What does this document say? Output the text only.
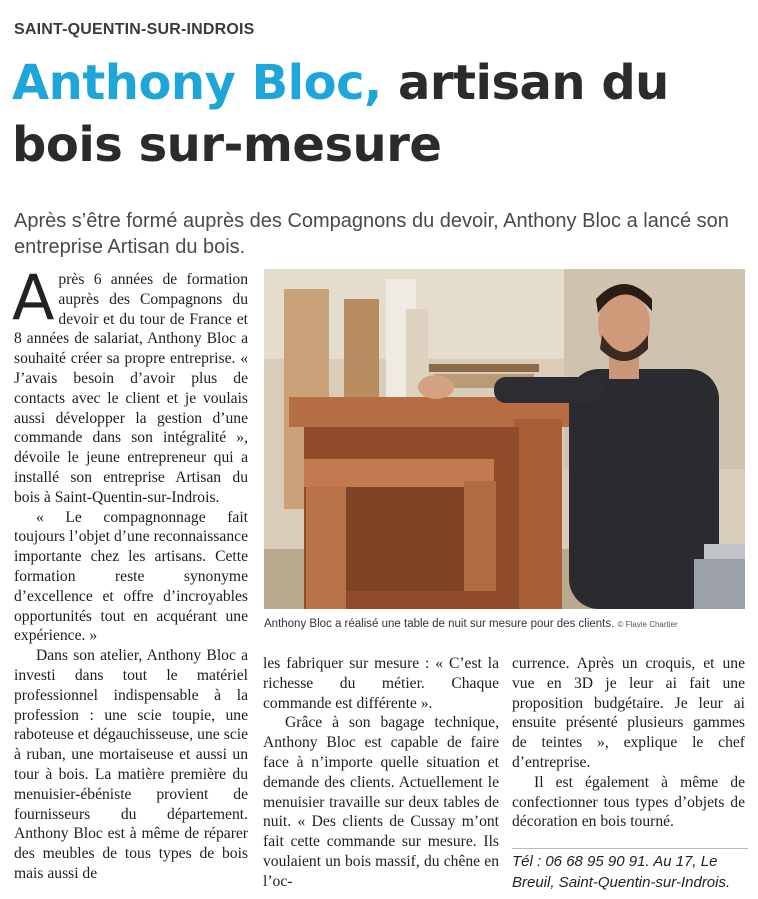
SAINT-QUENTIN-SUR-INDROIS
Anthony Bloc, artisan du bois sur-mesure
Après s’être formé auprès des Compagnons du devoir, Anthony Bloc a lancé son entreprise Artisan du bois.

Après 6 années de formation auprès des Compagnons du devoir et du tour de France et 8 années de salariat, Anthony Bloc a souhaité créer sa propre entreprise. « J’avais besoin d’avoir plus de contacts avec le client et je voulais aussi développer la gestion d’une commande dans son intégralité », dévoile le jeune entrepreneur qui a installé son entreprise Artisan du bois à Saint-Quentin-sur-Indrois.

« Le compagnonnage fait toujours l’objet d’une reconnaissance importante chez les artisans. Cette formation reste synonyme d’excellence et offre d’incroyables opportunités tout en acquérant une expérience. »

Dans son atelier, Anthony Bloc a investi dans tout le matériel professionnel indispensable à la profession : une scie toupie, une raboteuse et dégauchisseuse, une scie à ruban, une mortaiseuse et aussi un tour à bois. La matière première du menuisier-ébéniste provient de fournisseurs du département. Anthony Bloc est à même de réparer des meubles de tous types de bois mais aussi de

Anthony Bloc a réalisé une table de nuit sur mesure pour des clients. © Flavie Chartier

les fabriquer sur mesure : « C’est la richesse du métier. Chaque commande est différente ».

Grâce à son bagage technique, Anthony Bloc est capable de faire face à n’importe quelle situation et demande des clients. Actuellement le menuisier travaille sur deux tables de nuit. « Des clients de Cussay m’ont fait cette commande sur mesure. Ils voulaient un bois massif, du chêne en l’oc-

currence. Après un croquis, et une vue en 3D je leur ai fait une proposition budgétaire. Je leur ai ensuite présenté plusieurs gammes de teintes », explique le chef d’entreprise.

Il est également à même de confectionner tous types d’objets de décoration en bois tourné.

Tél : 06 68 95 90 91. Au 17, Le Breuil, Saint-Quentin-sur-Indrois.
